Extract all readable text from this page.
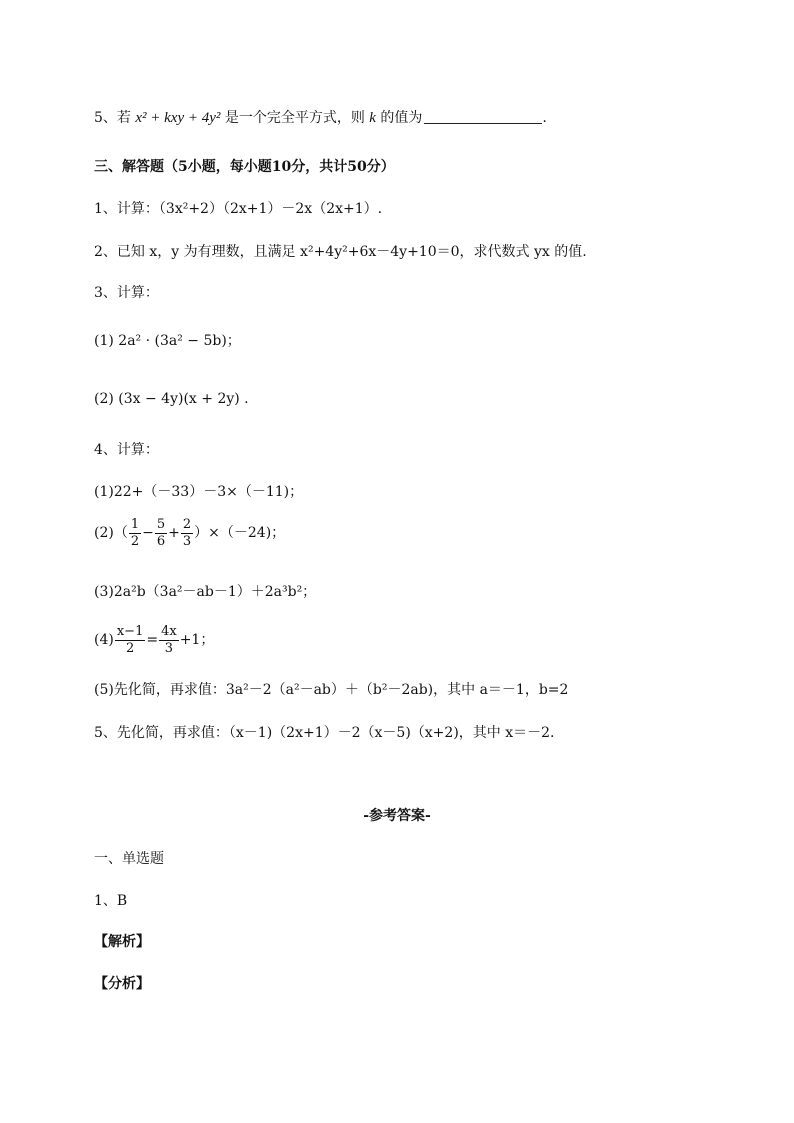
5、若 x² + kxy + 4y² 是一个完全平方式，则 k 的值为	.
三、解答题（5小题，每小题10分，共计50分）
1、计算：（3x²+2）（2x+1）－2x（2x+1）.
2、已知 x，y 为有理数，且满足 x²+4y²+6x－4y+10＝0，求代数式 yx 的值.
3、计算：
(1) 2a² · (3a² − 5b)；
(2) (3x − 4y)(x + 2y) .
4、计算：
(1)22+（－33）－3×（－11)；
$(2)( \frac{1}{2} - \frac{5}{6} + \frac{2}{3} )\times(-24)$；
(3)2a²b（3a²－ab－1）＋2a³b²；
$(4) \frac{x-1}{2} = \frac{4x}{3} +1$；
(5)先化简，再求值：3a²－2（a²－ab）＋（b²－2ab)，其中 a＝－1，b=2
5、先化简，再求值：（x－1)（2x+1）－2（x－5)（x+2)，其中 x＝－2.
-参考答案-
一、单选题
1、B
【解析】
【分析】
